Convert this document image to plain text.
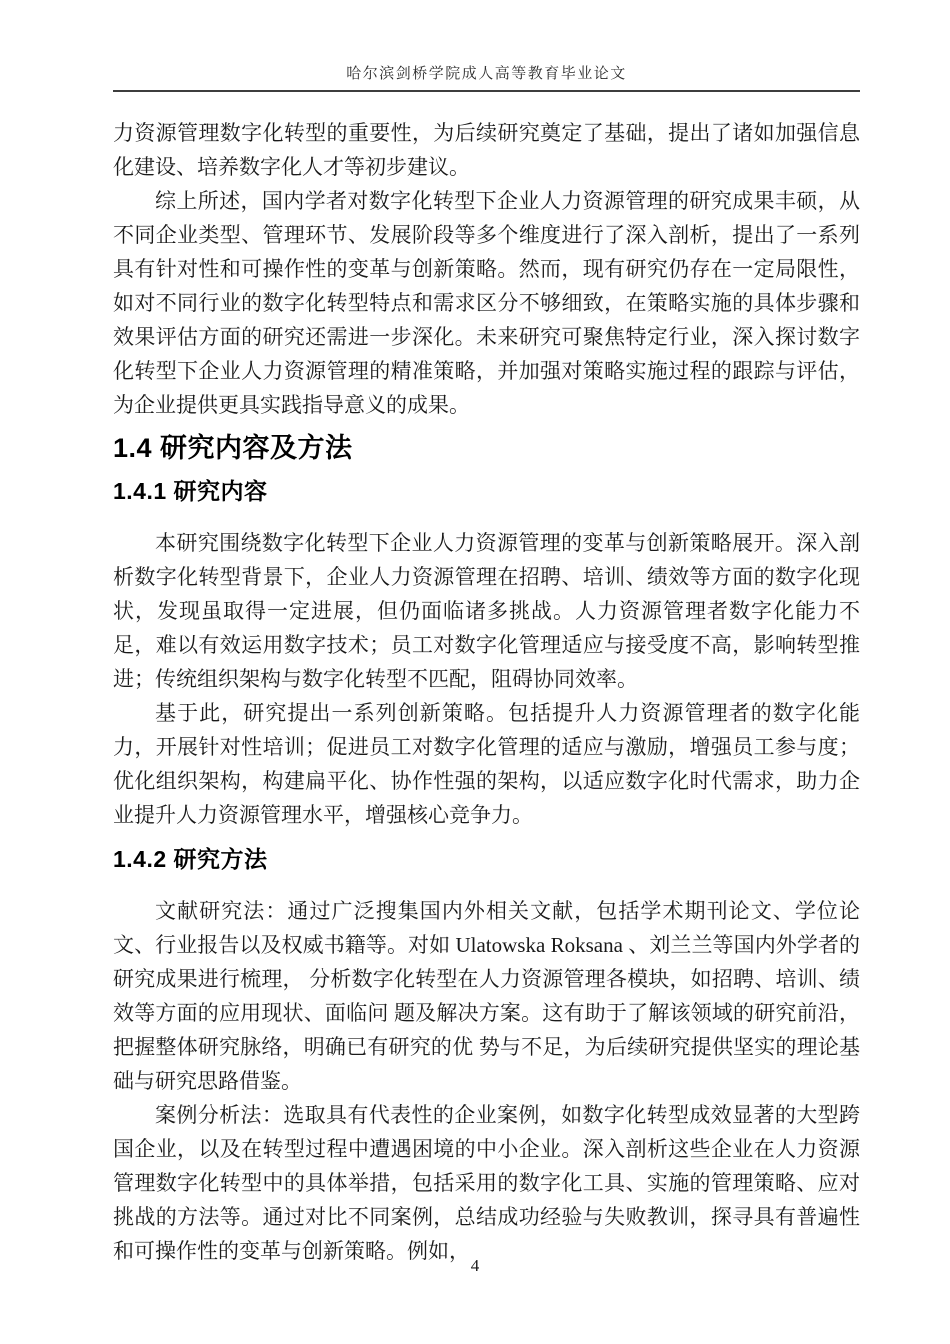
哈尔滨剑桥学院成人高等教育毕业论文

力资源管理数字化转型的重要性，为后续研究奠定了基础，提出了诸如加强信息化建设、培养数字化人才等初步建议。

综上所述，国内学者对数字化转型下企业人力资源管理的研究成果丰硕，从不同企业类型、管理环节、发展阶段等多个维度进行了深入剖析，提出了一系列具有针对性和可操作性的变革与创新策略。然而，现有研究仍存在一定局限性，如对不同行业的数字化转型特点和需求区分不够细致，在策略实施的具体步骤和效果评估方面的研究还需进一步深化。未来研究可聚焦特定行业，深入探讨数字化转型下企业人力资源管理的精准策略，并加强对策略实施过程的跟踪与评估，为企业提供更具实践指导意义的成果。

1.4 研究内容及方法
1.4.1 研究内容

本研究围绕数字化转型下企业人力资源管理的变革与创新策略展开。深入剖析数字化转型背景下，企业人力资源管理在招聘、培训、绩效等方面的数字化现状，发现虽取得一定进展，但仍面临诸多挑战。人力资源管理者数字化能力不足，难以有效运用数字技术；员工对数字化管理适应与接受度不高，影响转型推进；传统组织架构与数字化转型不匹配，阻碍协同效率。

基于此，研究提出一系列创新策略。包括提升人力资源管理者的数字化能力，开展针对性培训；促进员工对数字化管理的适应与激励，增强员工参与度；优化组织架构，构建扁平化、协作性强的架构，以适应数字化时代需求，助力企业提升人力资源管理水平，增强核心竞争力。

1.4.2 研究方法

文献研究法：通过广泛搜集国内外相关文献，包括学术期刊论文、学位论文、行业报告以及权威书籍等。对如 Ulatowska Roksana 、刘兰兰等国内外学者的研究成果进行梳理， 分析数字化转型在人力资源管理各模块，如招聘、培训、绩效等方面的应用现状、面临问 题及解决方案。这有助于了解该领域的研究前沿，把握整体研究脉络，明确已有研究的优 势与不足，为后续研究提供坚实的理论基础与研究思路借鉴。

案例分析法：选取具有代表性的企业案例，如数字化转型成效显著的大型跨国企业，以及在转型过程中遭遇困境的中小企业。深入剖析这些企业在人力资源管理数字化转型中的具体举措，包括采用的数字化工具、实施的管理策略、应对挑战的方法等。通过对比不同案例，总结成功经验与失败教训，探寻具有普遍性和可操作性的变革与创新策略。例如，

4
